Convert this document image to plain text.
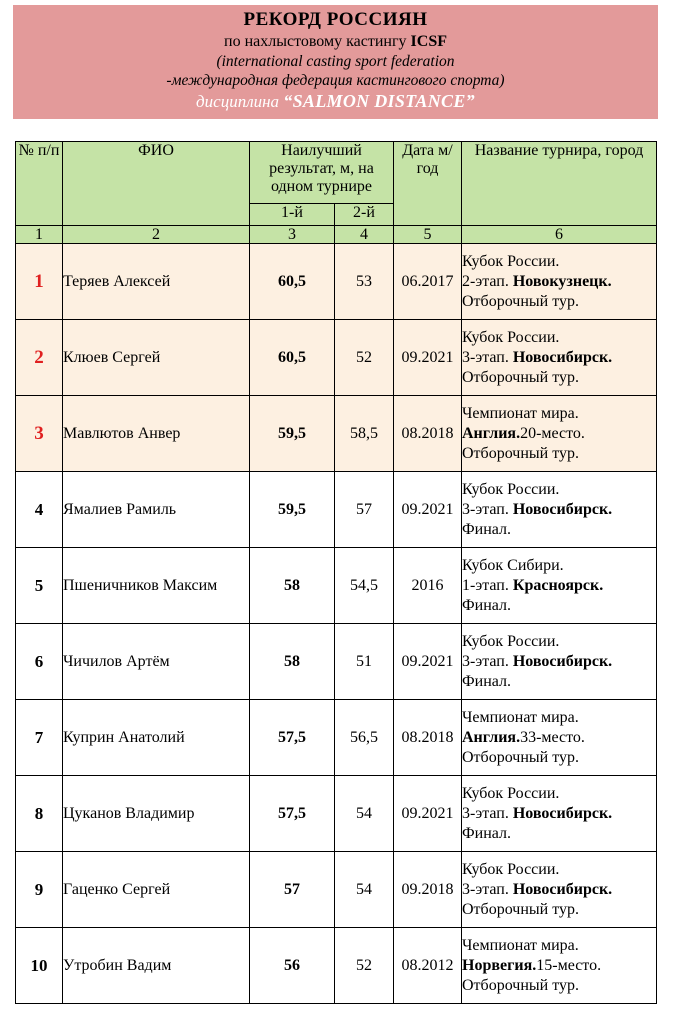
РЕКОРД РОССИЯН
по нахлыстовому кастингу ICSF
(international casting sport federation
-международная федерация кастингового спорта)
дисциплина “SALMON DISTANCE”
№ п/п	ФИО	Наилучший результат, м, на одном турнире		Дата м/год	Название турнира, город
		1-й	2-й		
1	2	3	4	5	6
1	Теряев Алексей	60,5	53	06.2017	Кубок России.
2-этап. Новокузнецк.
Отборочный тур.

2	Клюев Сергей	60,5	52	09.2021	Кубок России.
3-этап. Новосибирск.
Отборочный тур.

3	Мавлютов Анвер	59,5	58,5	08.2018	Чемпионат мира.
Англия.20-место.
Отборочный тур.

4	Ямалиев Рамиль	59,5	57	09.2021	Кубок России.
3-этап. Новосибирск.
Финал.

5	Пшеничников Максим	58	54,5	2016	Кубок Сибири.
1-этап. Красноярск.
Финал.

6	Чичилов Артём	58	51	09.2021	Кубок России.
3-этап. Новосибирск.
Финал.

7	Куприн Анатолий	57,5	56,5	08.2018	Чемпионат мира.
Англия.33-место.
Отборочный тур.

8	Цуканов Владимир	57,5	54	09.2021	Кубок России.
3-этап. Новосибирск.
Финал.

9	Гаценко Сергей	57	54	09.2018	Кубок России.
3-этап. Новосибирск.
Отборочный тур.

10	Утробин Вадим	56	52	08.2012	Чемпионат мира.
Норвегия.15-место.
Отборочный тур.
